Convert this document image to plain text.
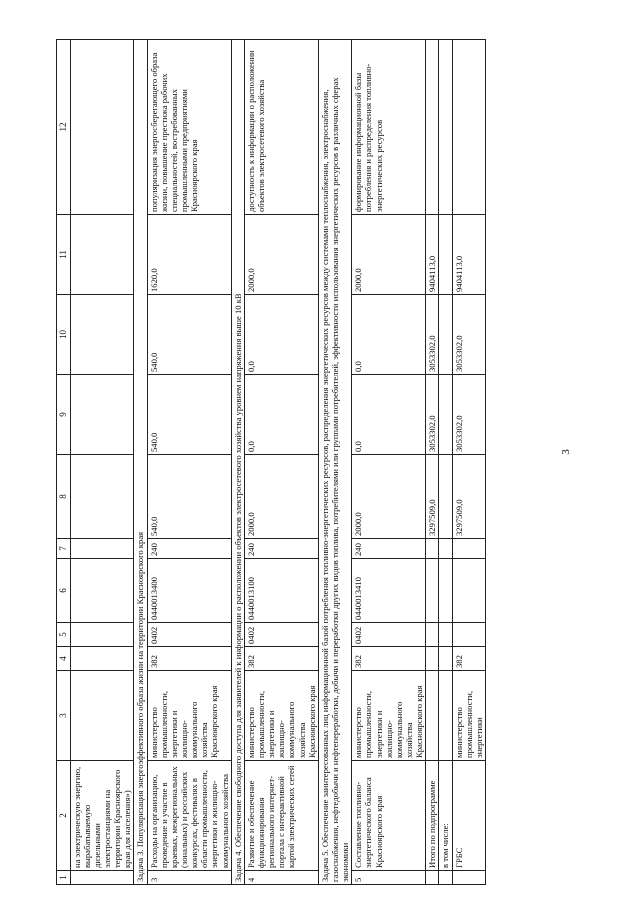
3
1	2	3	4	5	6	7	8	9	10	11	12
	на электрическую энергию, вырабатываемую дизельными электростанциями на территории Красноярского края для населения»)										
Задача 3. Популяризация энергоэффективного образа жизни на территории Красноярского края											
3	Расходы на организацию, проведение и участие в краевых, межрегиональных (зональных) и российских конкурсах, фестивалях в области промышленности, энергетики и жилищно-коммунального хозяйства	министерство промышленности, энергетики и жилищно-коммунального хозяйства Красноярского края	382	0402	0440013400	240	540,0	540,0	540,0	1620,0	популяризация энергосберегающего образа жизни, повышение престижа рабочих специальностей, востребованных промышленными предприятиями Красноярского края
Задача 4. Обеспечение свободного доступа для заявителей к информации о расположении объектов электросетевого хозяйства уровнем напряжения выше 10 кВ											
4	Развитие и обеспечение функционирования регионального интернет-портала с интерактивной картой электрических сетей	министерство промышленности, энергетики и жилищно-коммунального хозяйства Красноярского края	382	0402	0440013100	240	2000,0	0,0	0,0	2000,0	доступность к информации о расположении объектов электросетевого хозяйства
Задача 5. Обеспечение заинтересованных лиц информационной базой потребления топливно-энергетических ресурсов, распределения энергетических ресурсов между системами теплоснабжения, электроснабжения, газоснабжения, нефтедобычи и нефтепереработки, добычи и переработки других видов топлива, потребителями или группами потребителей, эффективности использования энергетических ресурсов в различных сферах экономики											
5	Составление топливно-энергетического баланса Красноярского края	министерство промышленности, энергетики и жилищно-коммунального хозяйства Красноярского края	382	0402	0440013410	240	2000,0	0,0	0,0	2000,0	формирование информационной базы потребления и распределения топливно-энергетических ресурсов
	Итого по подпрограмме						3297509,0	3053302,0	3053302,0	9404113,0	
	в том числе:										
	ГРБС	министерство промышленности, энергетики	382				3297509,0	3053302,0	3053302,0	9404113,0	
